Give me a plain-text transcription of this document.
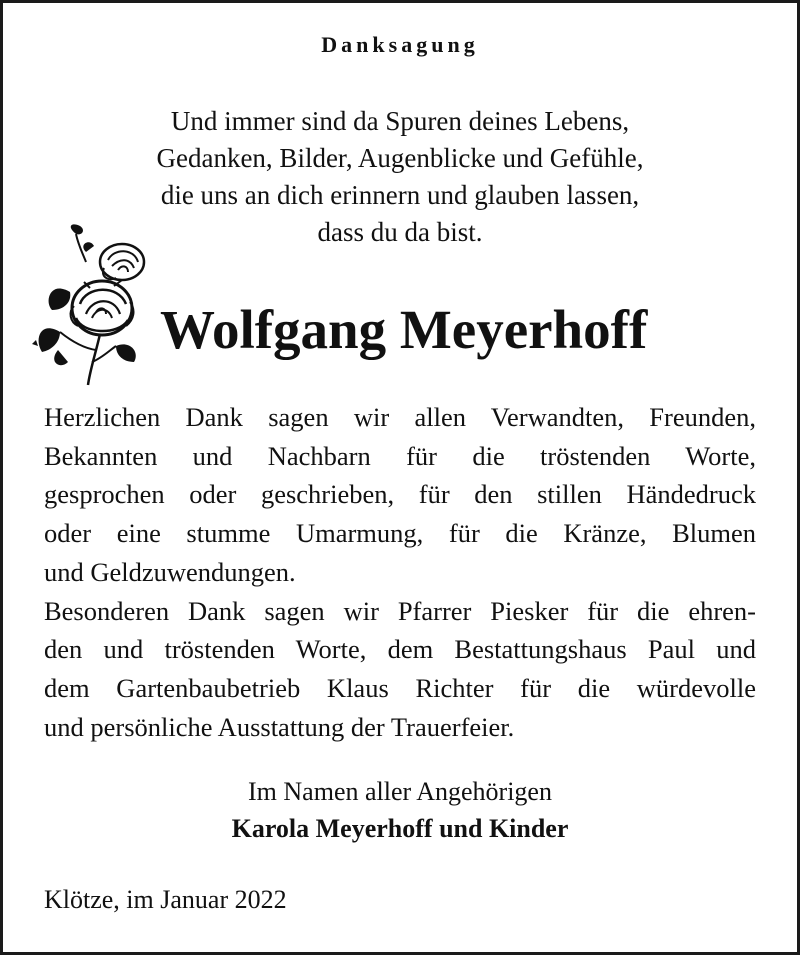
Danksagung
Und immer sind da Spuren deines Lebens,
Gedanken, Bilder, Augenblicke und Gefühle,
die uns an dich erinnern und glauben lassen,
dass du da bist.
Wolfgang Meyerhoff
Herzlichen Dank sagen wir allen Verwandten, Freunden,
Bekannten und Nachbarn für die tröstenden Worte,
gesprochen oder geschrieben, für den stillen Händedruck
oder eine stumme Umarmung, für die Kränze, Blumen
und Geldzuwendungen.
Besonderen Dank sagen wir Pfarrer Piesker für die ehren-
den und tröstenden Worte, dem Bestattungshaus Paul und
dem Gartenbaubetrieb Klaus Richter für die würdevolle
und persönliche Ausstattung der Trauerfeier.
Im Namen aller Angehörigen
Karola Meyerhoff und Kinder
Klötze, im Januar 2022
